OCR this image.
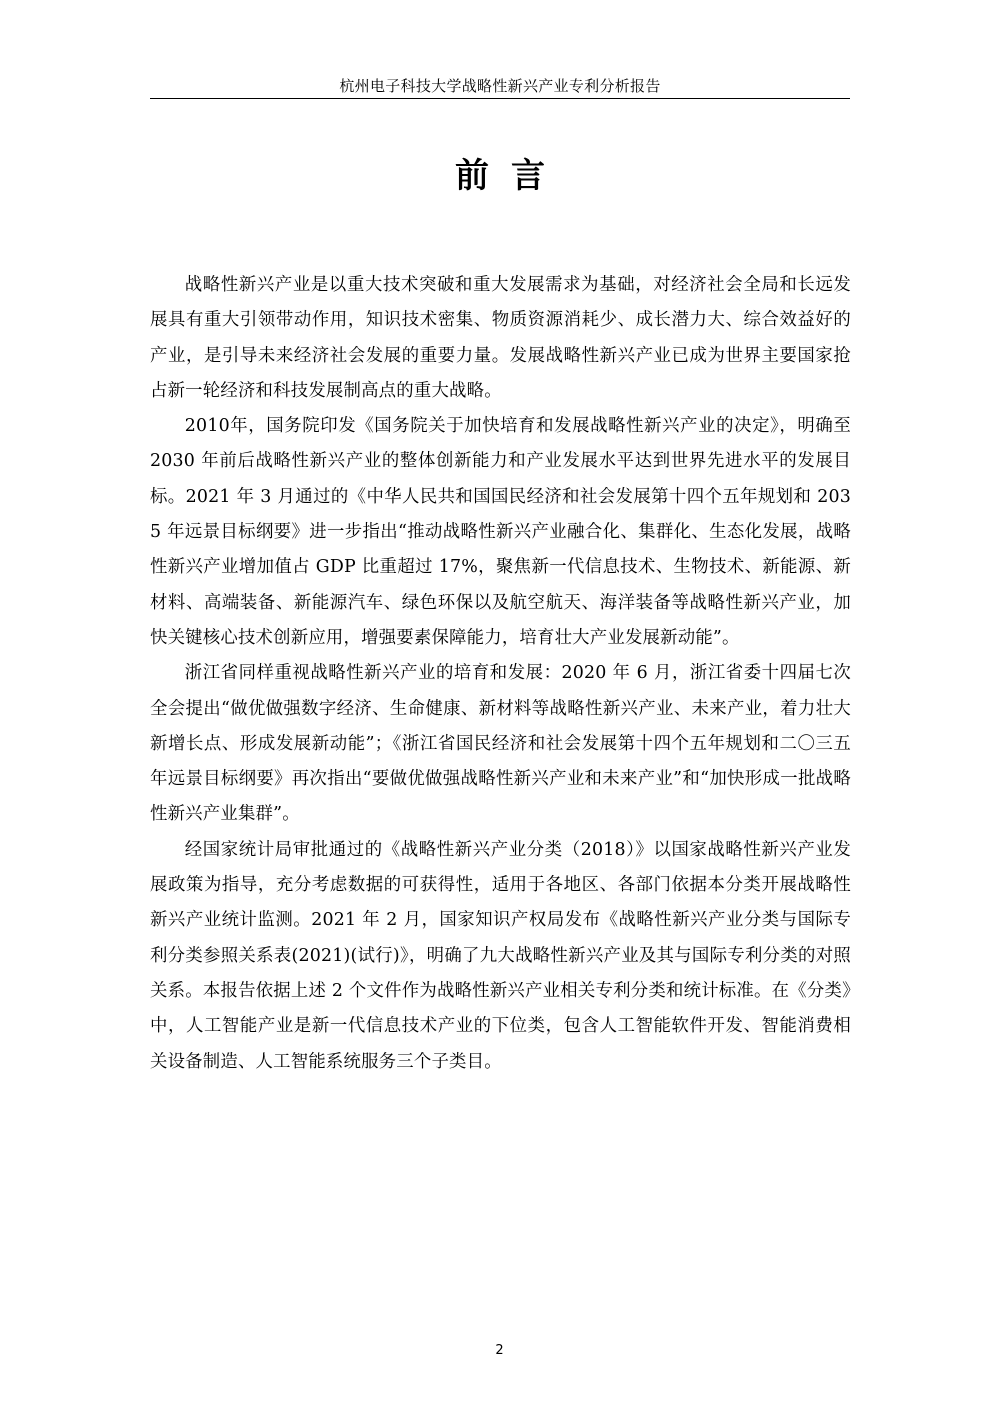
杭州电子科技大学战略性新兴产业专利分析报告
前言

战略性新兴产业是以重大技术突破和重大发展需求为基础，对经济社会全局和长远发展具有重大引领带动作用，知识技术密集、物质资源消耗少、成长潜力大、综合效益好的产业，是引导未来经济社会发展的重要力量。发展战略性新兴产业已成为世界主要国家抢占新一轮经济和科技发展制高点的重大战略。

2010年，国务院印发《国务院关于加快培育和发展战略性新兴产业的决定》，明确至 2030 年前后战略性新兴产业的整体创新能力和产业发展水平达到世界先进水平的发展目标。2021 年 3 月通过的《中华人民共和国国民经济和社会发展第十四个五年规划和 2035 年远景目标纲要》进一步指出“推动战略性新兴产业融合化、集群化、生态化发展，战略性新兴产业增加值占 GDP 比重超过 17%，聚焦新一代信息技术、生物技术、新能源、新材料、高端装备、新能源汽车、绿色环保以及航空航天、海洋装备等战略性新兴产业，加快关键核心技术创新应用，增强要素保障能力，培育壮大产业发展新动能”。

浙江省同样重视战略性新兴产业的培育和发展：2020 年 6 月，浙江省委十四届七次全会提出“做优做强数字经济、生命健康、新材料等战略性新兴产业、未来产业，着力壮大新增长点、形成发展新动能”；《浙江省国民经济和社会发展第十四个五年规划和二〇三五年远景目标纲要》再次指出“要做优做强战略性新兴产业和未来产业”和“加快形成一批战略性新兴产业集群”。

经国家统计局审批通过的《战略性新兴产业分类（2018）》以国家战略性新兴产业发展政策为指导，充分考虑数据的可获得性，适用于各地区、各部门依据本分类开展战略性新兴产业统计监测。2021 年 2 月，国家知识产权局发布《战略性新兴产业分类与国际专利分类参照关系表(2021)(试行)》，明确了九大战略性新兴产业及其与国际专利分类的对照关系。本报告依据上述 2 个文件作为战略性新兴产业相关专利分类和统计标准。在《分类》中，人工智能产业是新一代信息技术产业的下位类，包含人工智能软件开发、智能消费相关设备制造、人工智能系统服务三个子类目。

2
